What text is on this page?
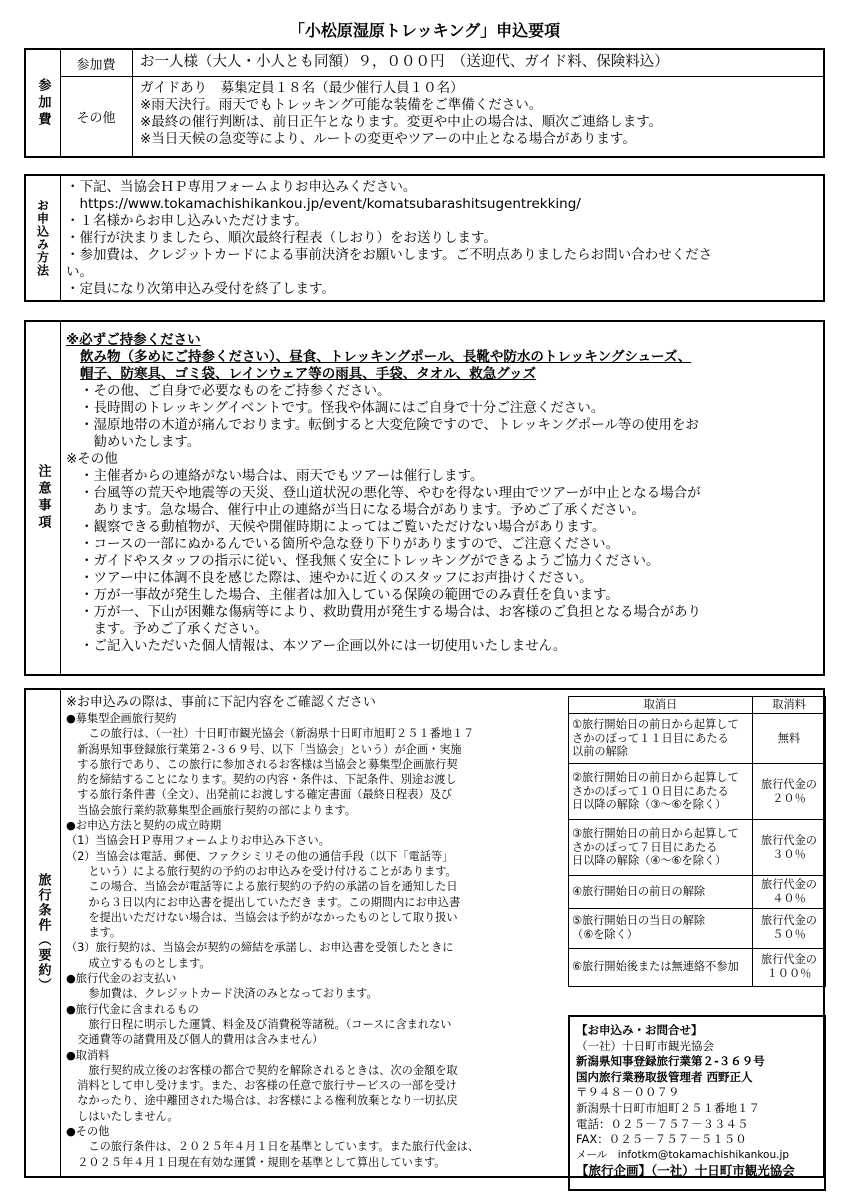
「小松原湿原トレッキング」申込要項
参加費
参加費	お一人様（大人・小人とも同額）９，０００円　（送迎代、ガイド料、保険料込）
その他
ガイドあり　募集定員１８名（最少催行人員１０名）
※雨天決行。雨天でもトレッキング可能な装備をご準備ください。
※最終の催行判断は、前日正午となります。変更や中止の場合は、順次ご連絡します。
※当日天候の急変等により、ルートの変更やツアーの中止となる場合があります。
お申込み方法
・下記、当協会ＨＰ専用フォームよりお申込みください。
　https://www.tokamachishikankou.jp/event/komatsubarashitsugentrekking/
・１名様からお申し込みいただけます。
・催行が決まりましたら、順次最終行程表（しおり）をお送りします。
・参加費は、クレジットカードによる事前決済をお願いします。ご不明点ありましたらお問い合わせくださ
い。
・定員になり次第申込み受付を終了します。
注意事項
※必ずご持参ください
飲み物（多めにご持参ください）、昼食、トレッキングポール、長靴や防水のトレッキングシューズ、
帽子、防寒具、ゴミ袋、レインウェア等の雨具、手袋、タオル、救急グッズ
・その他、ご自身で必要なものをご持参ください。
・長時間のトレッキングイベントです。怪我や体調にはご自身で十分ご注意ください。
・湿原地帯の木道が痛んでおります。転倒すると大変危険ですので、トレッキングポール等の使用をお
　勧めいたします。
※その他
・主催者からの連絡がない場合は、雨天でもツアーは催行します。
・台風等の荒天や地震等の天災、登山道状況の悪化等、やむを得ない理由でツアーが中止となる場合が
　あります。急な場合、催行中止の連絡が当日になる場合があります。予めご了承ください。
・観察できる動植物が、天候や開催時期によってはご覧いただけない場合があります。
・コースの一部にぬかるんでいる箇所や急な登り下りがありますので、ご注意ください。
・ガイドやスタッフの指示に従い、怪我無く安全にトレッキングができるようご協力ください。
・ツアー中に体調不良を感じた際は、速やかに近くのスタッフにお声掛けください。
・万が一事故が発生した場合、主催者は加入している保険の範囲でのみ責任を負います。
・万が一、下山が困難な傷病等により、救助費用が発生する場合は、お客様のご負担となる場合があり
　ます。予めご了承ください。
・ご記入いただいた個人情報は、本ツアー企画以外には一切使用いたしません。
旅行条件（要約）
※お申込みの際は、事前に下記内容をご確認ください
●募集型企画旅行契約
　　この旅行は、（一社）十日町市観光協会（新潟県十日町市旭町２５１番地１７
　新潟県知事登録旅行業第２-３６９号、以下「当協会」という）が企画・実施
　する旅行であり、この旅行に参加されるお客様は当協会と募集型企画旅行契
　約を締結することになります。契約の内容・条件は、下記条件、別途お渡し
　する旅行条件書（全文）、出発前にお渡しする確定書面（最終日程表）及び
　当協会旅行業約款募集型企画旅行契約の部によります。
●お申込方法と契約の成立時期
（1）当協会ＨＰ専用フォームよりお申込み下さい。
（2）当協会は電話、郵便、ファクシミリその他の通信手段（以下「電話等」
　　という）による旅行契約の予約のお申込みを受け付けることがあります。
　　この場合、当協会が電話等による旅行契約の予約の承諾の旨を通知した日
　　から３日以内にお申込書を提出していただき ます。この期間内にお申込書
　　を提出いただけない場合は、当協会は予約がなかったものとして取り扱い
　　ます。
（3）旅行契約は、当協会が契約の締結を承諾し、お申込書を受領したときに
　　成立するものとします。
●旅行代金のお支払い
　　参加費は、クレジットカード決済のみとなっております。
●旅行代金に含まれるもの
　　旅行日程に明示した運賃、料金及び消費税等諸税。（コースに含まれない
　交通費等の諸費用及び個人的費用は含みません）
●取消料
　　旅行契約成立後のお客様の都合で契約を解除されるときは、次の金額を取
　消料として申し受けます。また、お客様の任意で旅行サービスの一部を受け
　なかったり、途中離団された場合は、お客様による権利放棄となり一切払戻
　しはいたしません。
●その他
　　この旅行条件は、２０２５年４月１日を基準としています。また旅行代金は、
　２０２５年４月１日現在有効な運賃・規則を基準として算出しています。
取消日	取消料
①旅行開始日の前日から起算して
さかのぼって１１日目にあたる
以前の解除	無料
②旅行開始日の前日から起算して
さかのぼって１０日目にあたる
日以降の解除（③〜⑥を除く）	旅行代金の
２０％
③旅行開始日の前日から起算して
さかのぼって７日目にあたる
日以降の解除（④〜⑥を除く）	旅行代金の
３０％
④旅行開始日の前日の解除	旅行代金の
４０％
⑤旅行開始日の当日の解除
（⑥を除く）	旅行代金の
５０％
⑥旅行開始後または無連絡不参加	旅行代金の
１００％
【お申込み・お問合せ】
（一社）十日町市観光協会
新潟県知事登録旅行業第２-３６９号
国内旅行業務取扱管理者 西野正人
〒９４８－００７９
新潟県十日町市旭町２５１番地１７
電話：０２５－７５７－３３４５
FAX：０２５－７５７－５１５０
メール　infotkm@tokamachishikankou.jp
【旅行企画】（一社）十日町市観光協会
